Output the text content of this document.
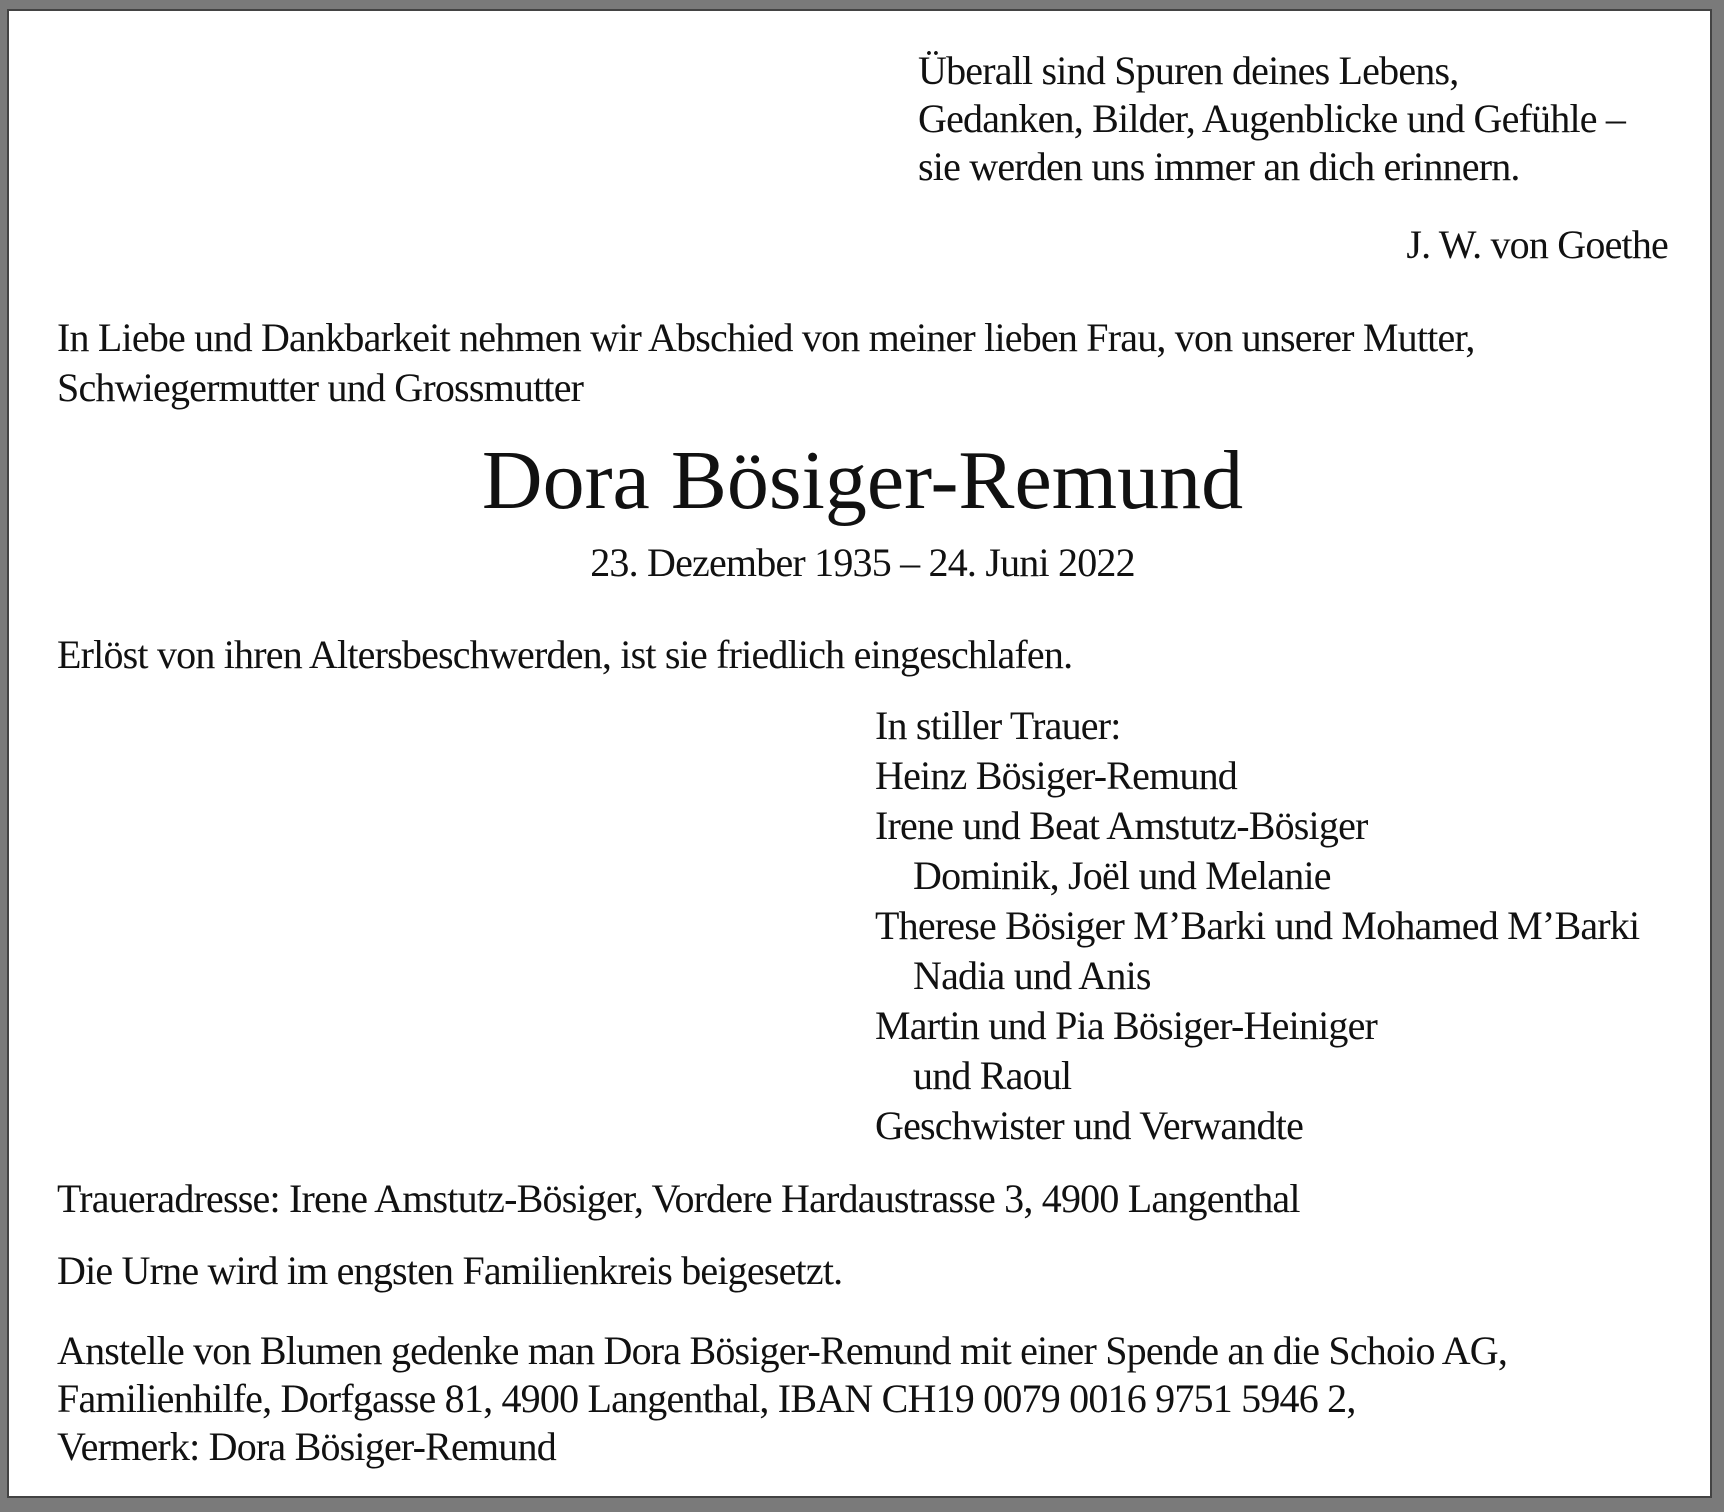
Überall sind Spuren deines Lebens,
Gedanken, Bilder, Augenblicke und Gefühle –
sie werden uns immer an dich erinnern.
J. W. von Goethe
In Liebe und Dankbarkeit nehmen wir Abschied von meiner lieben Frau, von unserer Mutter,
Schwiegermutter und Grossmutter
Dora Bösiger-Remund
23. Dezember 1935 – 24. Juni 2022
Erlöst von ihren Altersbeschwerden, ist sie friedlich eingeschlafen.
In stiller Trauer:
Heinz Bösiger-Remund
Irene und Beat Amstutz-Bösiger
Dominik, Joël und Melanie
Therese Bösiger M’Barki und Mohamed M’Barki
Nadia und Anis
Martin und Pia Bösiger-Heiniger
und Raoul
Geschwister und Verwandte
Traueradresse: Irene Amstutz-Bösiger, Vordere Hardaustrasse 3, 4900 Langenthal
Die Urne wird im engsten Familienkreis beigesetzt.
Anstelle von Blumen gedenke man Dora Bösiger-Remund mit einer Spende an die Schoio AG,
Familienhilfe, Dorfgasse 81, 4900 Langenthal, IBAN CH19 0079 0016 9751 5946 2,
Vermerk: Dora Bösiger-Remund
